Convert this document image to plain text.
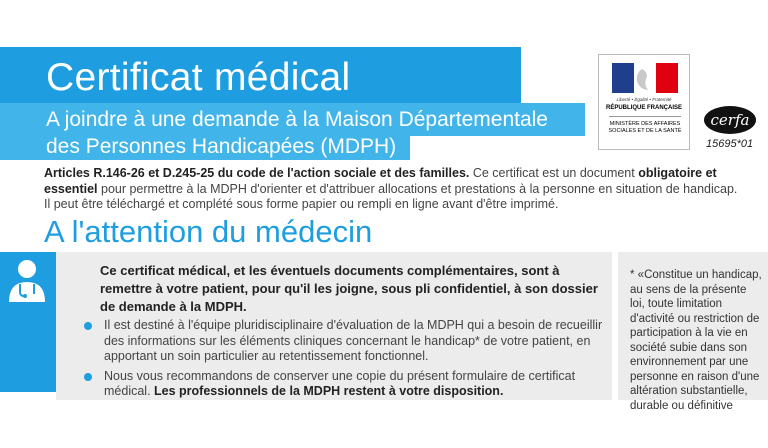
Certificat médical
A joindre à une demande à la Maison Départementale
des Personnes Handicapées (MDPH)
Liberté • Égalité • Fraternité
RÉPUBLIQUE FRANÇAISE
MINISTÈRE DES AFFAIRES SOCIALES ET DE LA SANTÉ
cerfa
15695*01
Articles R.146-26 et D.245-25 du code de l'action sociale et des familles. Ce certificat est un document obligatoire et essentiel pour permettre à la MDPH d'orienter et d'attribuer allocations et prestations à la personne en situation de handicap.
Il peut être téléchargé et complété sous forme papier ou rempli en ligne avant d'être imprimé.
A l'attention du médecin
Ce certificat médical, et les éventuels documents complémentaires, sont à remettre à votre patient, pour qu'il les joigne, sous pli confidentiel, à son dossier de demande à la MDPH.
Il est destiné à l'équipe pluridisciplinaire d'évaluation de la MDPH qui a besoin de recueillir des informations sur les éléments cliniques concernant le handicap* de votre patient, en apportant un soin particulier au retentissement fonctionnel.
Nous vous recommandons de conserver une copie du présent formulaire de certificat médical. Les professionnels de la MDPH restent à votre disposition.
* «Constitue un handicap, au sens de la présente loi, toute limitation d'activité ou restriction de participation à la vie en société subie dans son environnement par une personne en raison d'une altération substantielle, durable ou définitive
